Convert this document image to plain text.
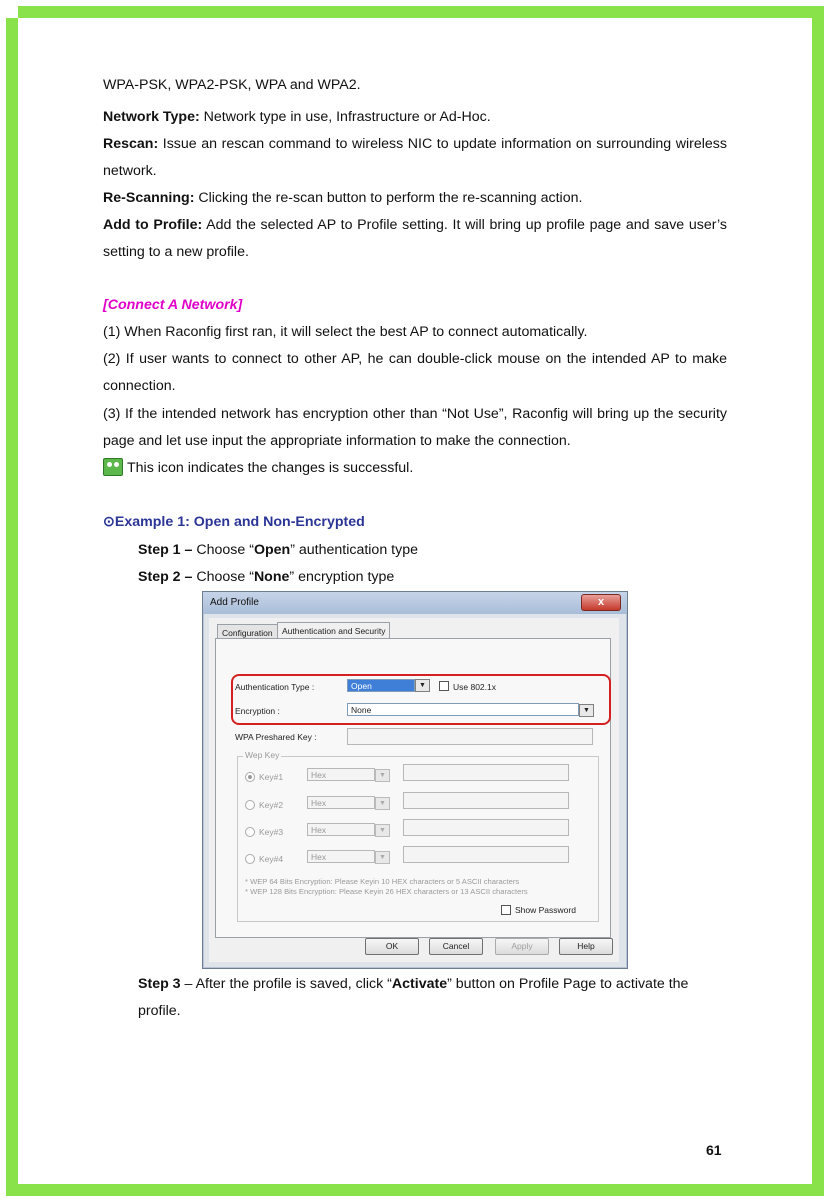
WPA-PSK, WPA2-PSK, WPA and WPA2.
Network Type: Network type in use, Infrastructure or Ad-Hoc.
Rescan: Issue an rescan command to wireless NIC to update information on surrounding wireless network.
Re-Scanning: Clicking the re-scan button to perform the re-scanning action.
Add to Profile: Add the selected AP to Profile setting. It will bring up profile page and save user’s setting to a new profile.
[Connect A Network]
(1) When Raconfig first ran, it will select the best AP to connect automatically.
(2) If user wants to connect to other AP, he can double-click mouse on the intended AP to make connection.
(3) If the intended network has encryption other than “Not Use”, Raconfig will bring up the security page and let use input the appropriate information to make the connection.
This icon indicates the changes is successful.
⊙Example 1: Open and Non-Encrypted
Step 1 – Choose “Open” authentication type
Step 2 – Choose “None” encryption type
Add Profile	x
Configuration	Authentication and Security
Authentication Type :	Open	▼	Use 802.1x
Encryption :	None	▼
WPA Preshared Key :
Wep Key
Key#1	Hex	▼
Key#2	Hex	▼
Key#3	Hex	▼
Key#4	Hex	▼
* WEP 64 Bits Encryption: Please Keyin 10 HEX characters or 5 ASCII characters
* WEP 128 Bits Encryption: Please Keyin 26 HEX characters or 13 ASCII characters
Show Password
OK	Cancel	Apply	Help
Step 3 – After the profile is saved, click “Activate” button on Profile Page to activate the profile.
61
